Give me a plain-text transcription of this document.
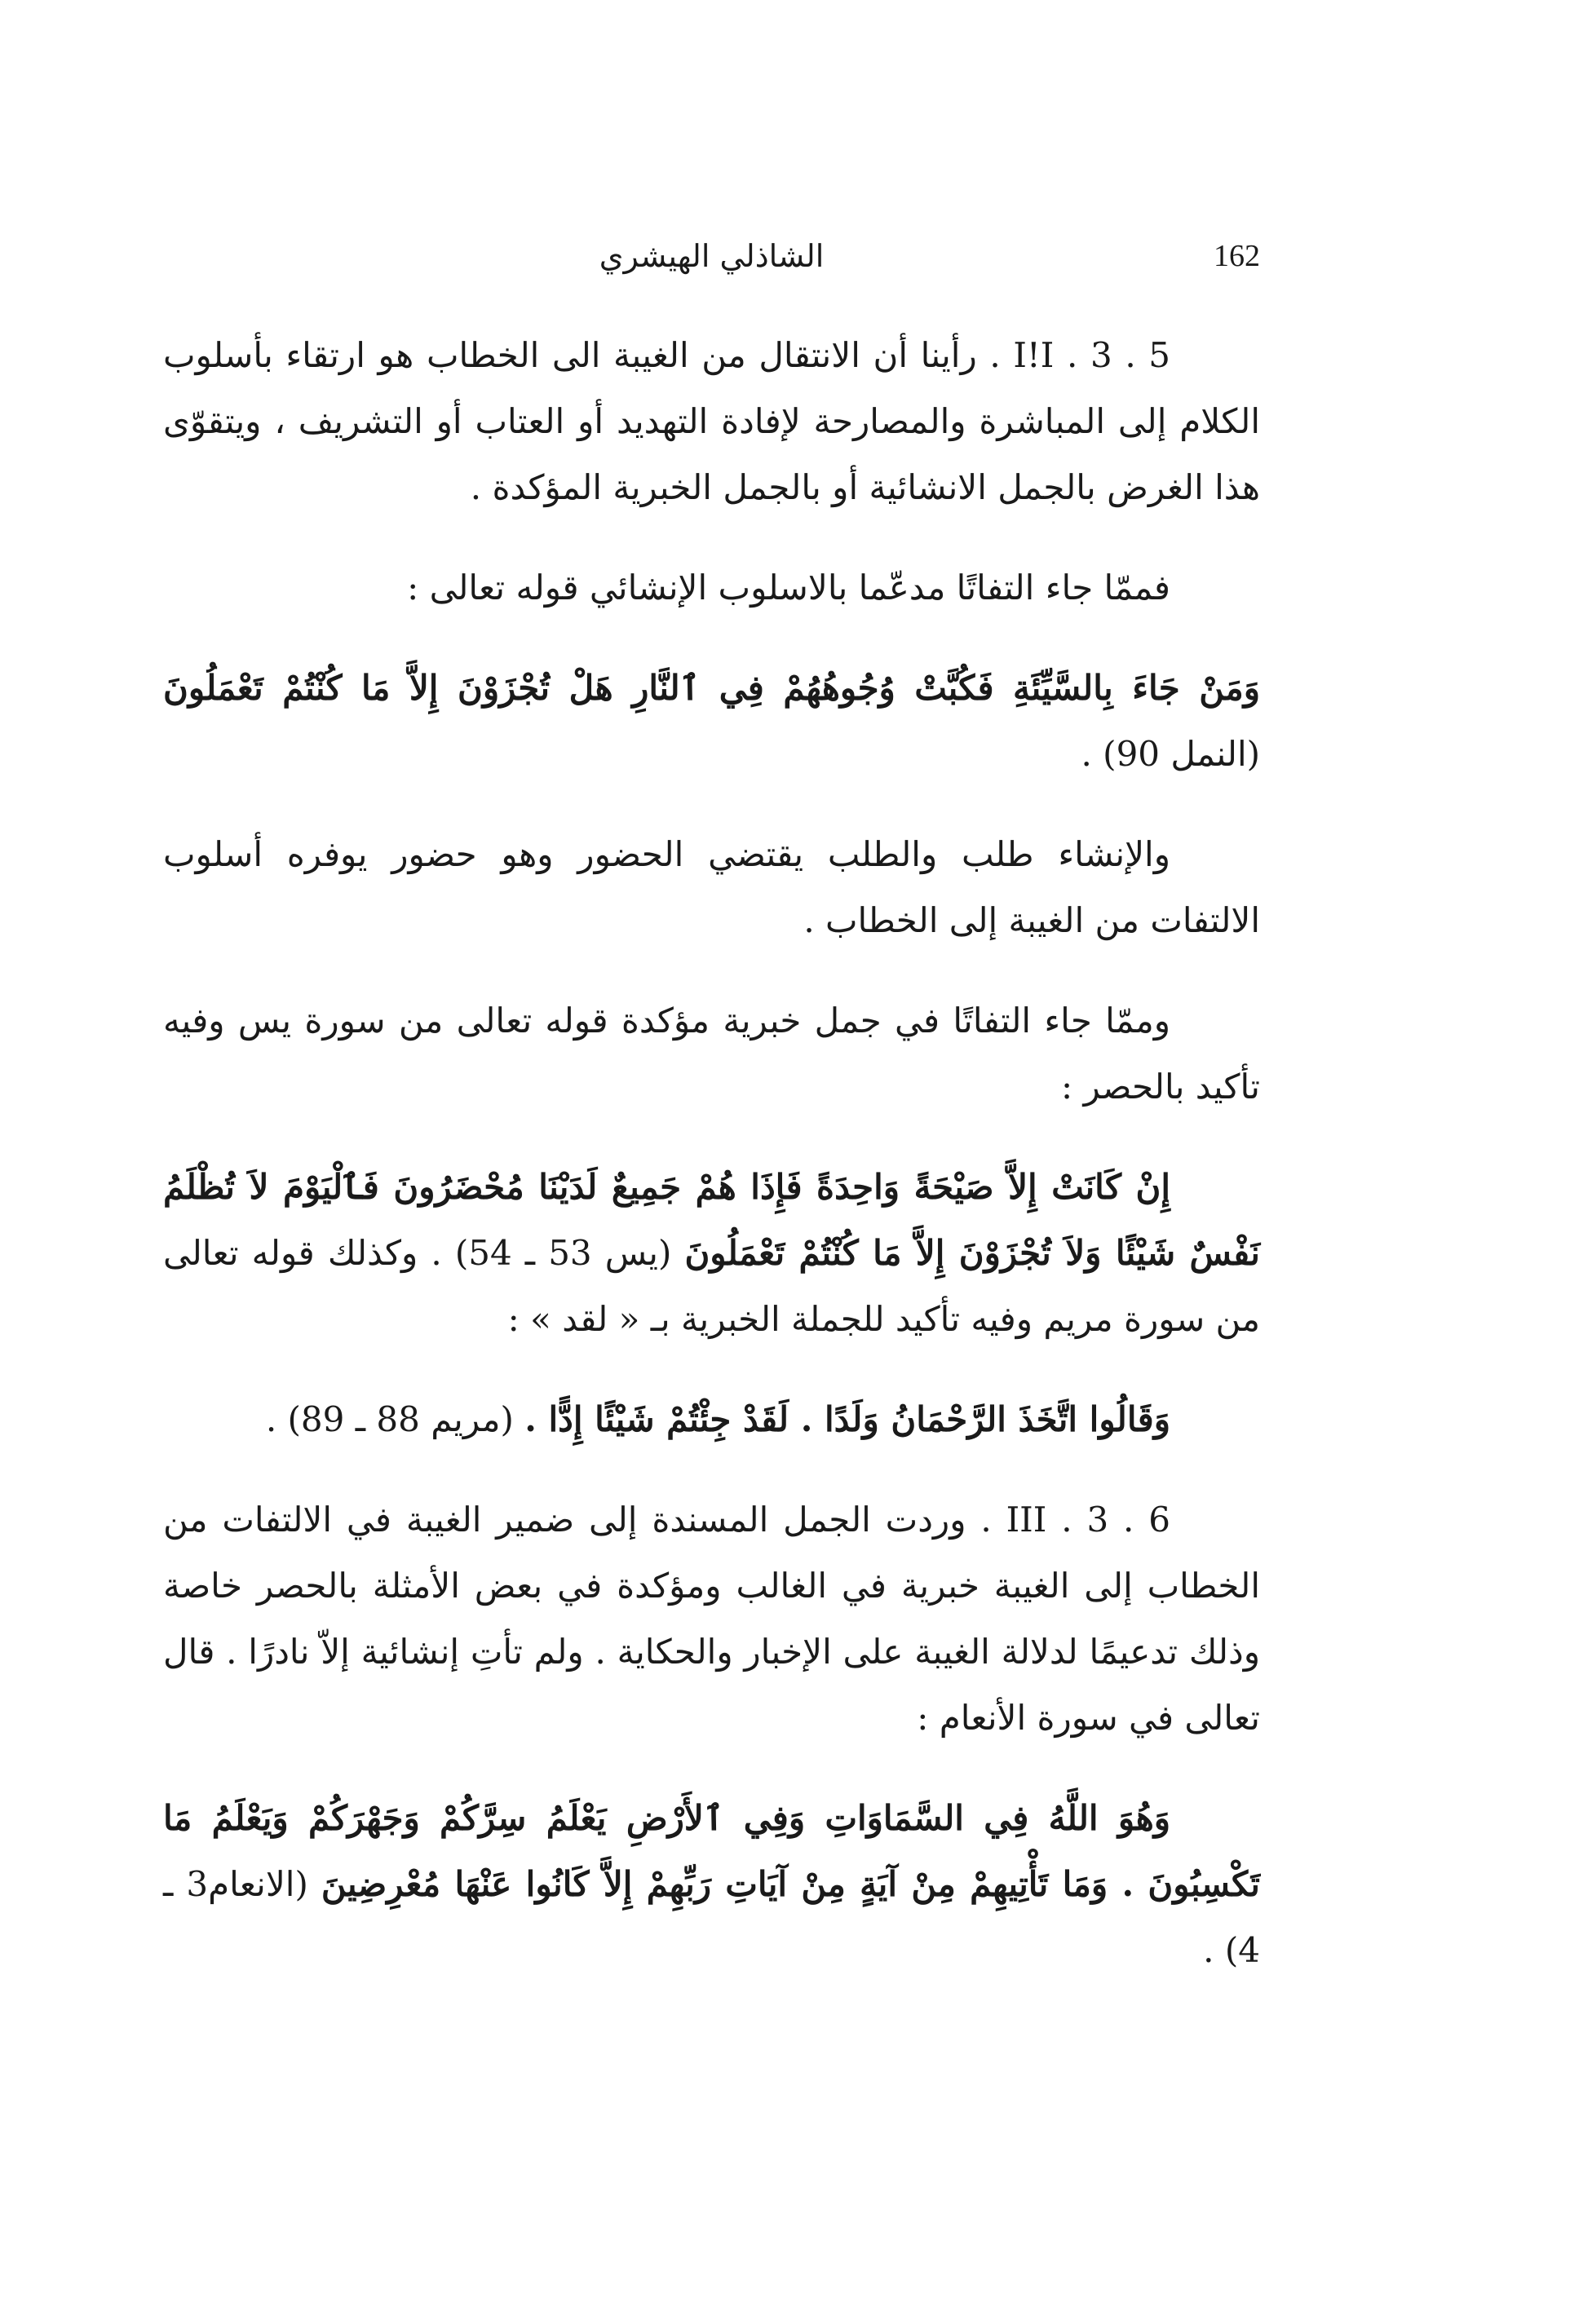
الشاذلي الهيشري	162

I!I . 3 . 5 . رأينا أن الانتقال من الغيبة الى الخطاب هو ارتقاء بأسلوب الكلام إلى المباشرة والمصارحة لإفادة التهديد أو العتاب أو التشريف ، ويتقوّى هذا الغرض بالجمل الانشائية أو بالجمل الخبرية المؤكدة .

فممّا جاء التفاتًا مدعّما بالاسلوب الإنشائي قوله تعالى :

وَمَنْ جَاءَ بِالسَّيِّئَةِ فَكُبَّتْ وُجُوهُهُمْ فِي ٱلنَّارِ هَلْ تُجْزَوْنَ إِلاَّ مَا كُنْتُمْ تَعْمَلُونَ (النمل 90) .

والإنشاء طلب والطلب يقتضي الحضور وهو حضور يوفره أسلوب الالتفات من الغيبة إلى الخطاب .

وممّا جاء التفاتًا في جمل خبرية مؤكدة قوله تعالى من سورة يس وفيه تأكيد بالحصر :

إِنْ كَانَتْ إِلاَّ صَيْحَةً وَاحِدَةً فَإِذَا هُمْ جَمِيعٌ لَدَيْنَا مُحْضَرُونَ فَٱلْيَوْمَ لاَ تُظْلَمُ نَفْسٌ شَيْئًا وَلاَ تُجْزَوْنَ إِلاَّ مَا كُنْتُمْ تَعْمَلُونَ (يس 53 ـ 54) . وكذلك قوله تعالى من سورة مريم وفيه تأكيد للجملة الخبرية بـ « لقد » :

وَقَالُوا اتَّخَذَ الرَّحْمَانُ وَلَدًا . لَقَدْ جِئْتُمْ شَيْئًا إِدًّا . (مريم 88 ـ 89) .

III . 3 . 6 . وردت الجمل المسندة إلى ضمير الغيبة في الالتفات من الخطاب إلى الغيبة خبرية في الغالب ومؤكدة في بعض الأمثلة بالحصر خاصة وذلك تدعيمًا لدلالة الغيبة على الإخبار والحكاية . ولم تأتِ إنشائية إلاّ نادرًا . قال تعالى في سورة الأنعام :

وَهُوَ اللَّهُ فِي السَّمَاوَاتِ وَفِي ٱلأَرْضِ يَعْلَمُ سِرَّكُمْ وَجَهْرَكُمْ وَيَعْلَمُ مَا تَكْسِبُونَ . وَمَا تَأْتِيهِمْ مِنْ آيَةٍ مِنْ آيَاتِ رَبِّهِمْ إِلاَّ كَانُوا عَنْهَا مُعْرِضِينَ (الانعام3 ـ 4) .
